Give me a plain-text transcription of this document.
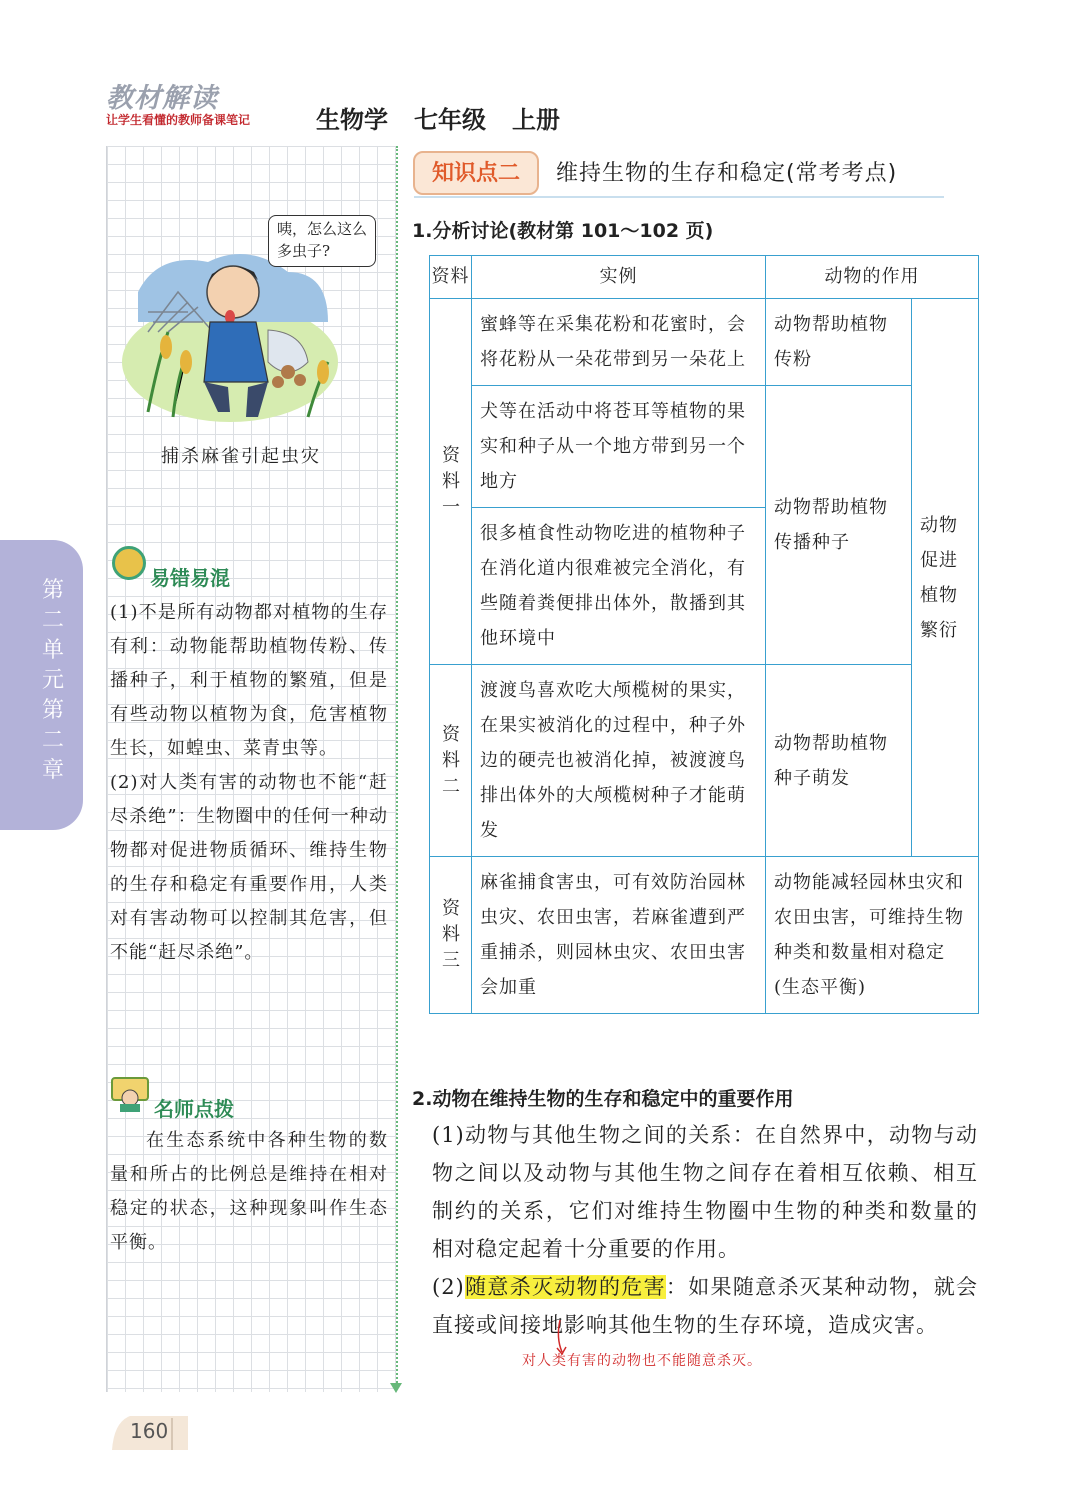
教材解读
让学生看懂的教师备课笔记	生物学 七年级 上册
咦，怎么这么多虫子?
捕杀麻雀引起虫灾
第二单元 第二章
易错易混
(1)不是所有动物都对植物的生存有利：动物能帮助植物传粉、传播种子，利于植物的繁殖，但是有些动物以植物为食，危害植物生长，如蝗虫、菜青虫等。
(2)对人类有害的动物也不能“赶尽杀绝”：生物圈中的任何一种动物都对促进物质循环、维持生物的生存和稳定有重要作用，人类对有害动物可以控制其危害，但不能“赶尽杀绝”。
名师点拨
在生态系统中各种生物的数量和所占的比例总是维持在相对稳定的状态，这种现象叫作生态平衡。
知识点二	维持生物的生存和稳定(常考考点)
1.分析讨论(教材第 101～102 页)
资料	实例	动物的作用	
资料一	蜜蜂等在采集花粉和花蜜时，会将花粉从一朵花带到另一朵花上	动物帮助植物传粉	动物促进植物繁衍
	犬等在活动中将苍耳等植物的果实和种子从一个地方带到另一个地方	动物帮助植物传播种子	
	很多植食性动物吃进的植物种子在消化道内很难被完全消化，有些随着粪便排出体外，散播到其他环境中		
资料二	渡渡鸟喜欢吃大颅榄树的果实，在果实被消化的过程中，种子外边的硬壳也被消化掉，被渡渡鸟排出体外的大颅榄树种子才能萌发	动物帮助植物种子萌发	
资料三	麻雀捕食害虫，可有效防治园林虫灾、农田虫害，若麻雀遭到严重捕杀，则园林虫灾、农田虫害会加重	动物能减轻园林虫灾和农田虫害，可维持生物种类和数量相对稳定(生态平衡)	
2.动物在维持生物的生存和稳定中的重要作用
(1)动物与其他生物之间的关系：在自然界中，动物与动物之间以及动物与其他生物之间存在着相互依赖、相互制约的关系，它们对维持生物圈中生物的种类和数量的相对稳定起着十分重要的作用。
(2)随意杀灭动物的危害：如果随意杀灭某种动物，就会直接或间接地影响其他生物的生存环境，造成灾害。
对人类有害的动物也不能随意杀灭。
160
